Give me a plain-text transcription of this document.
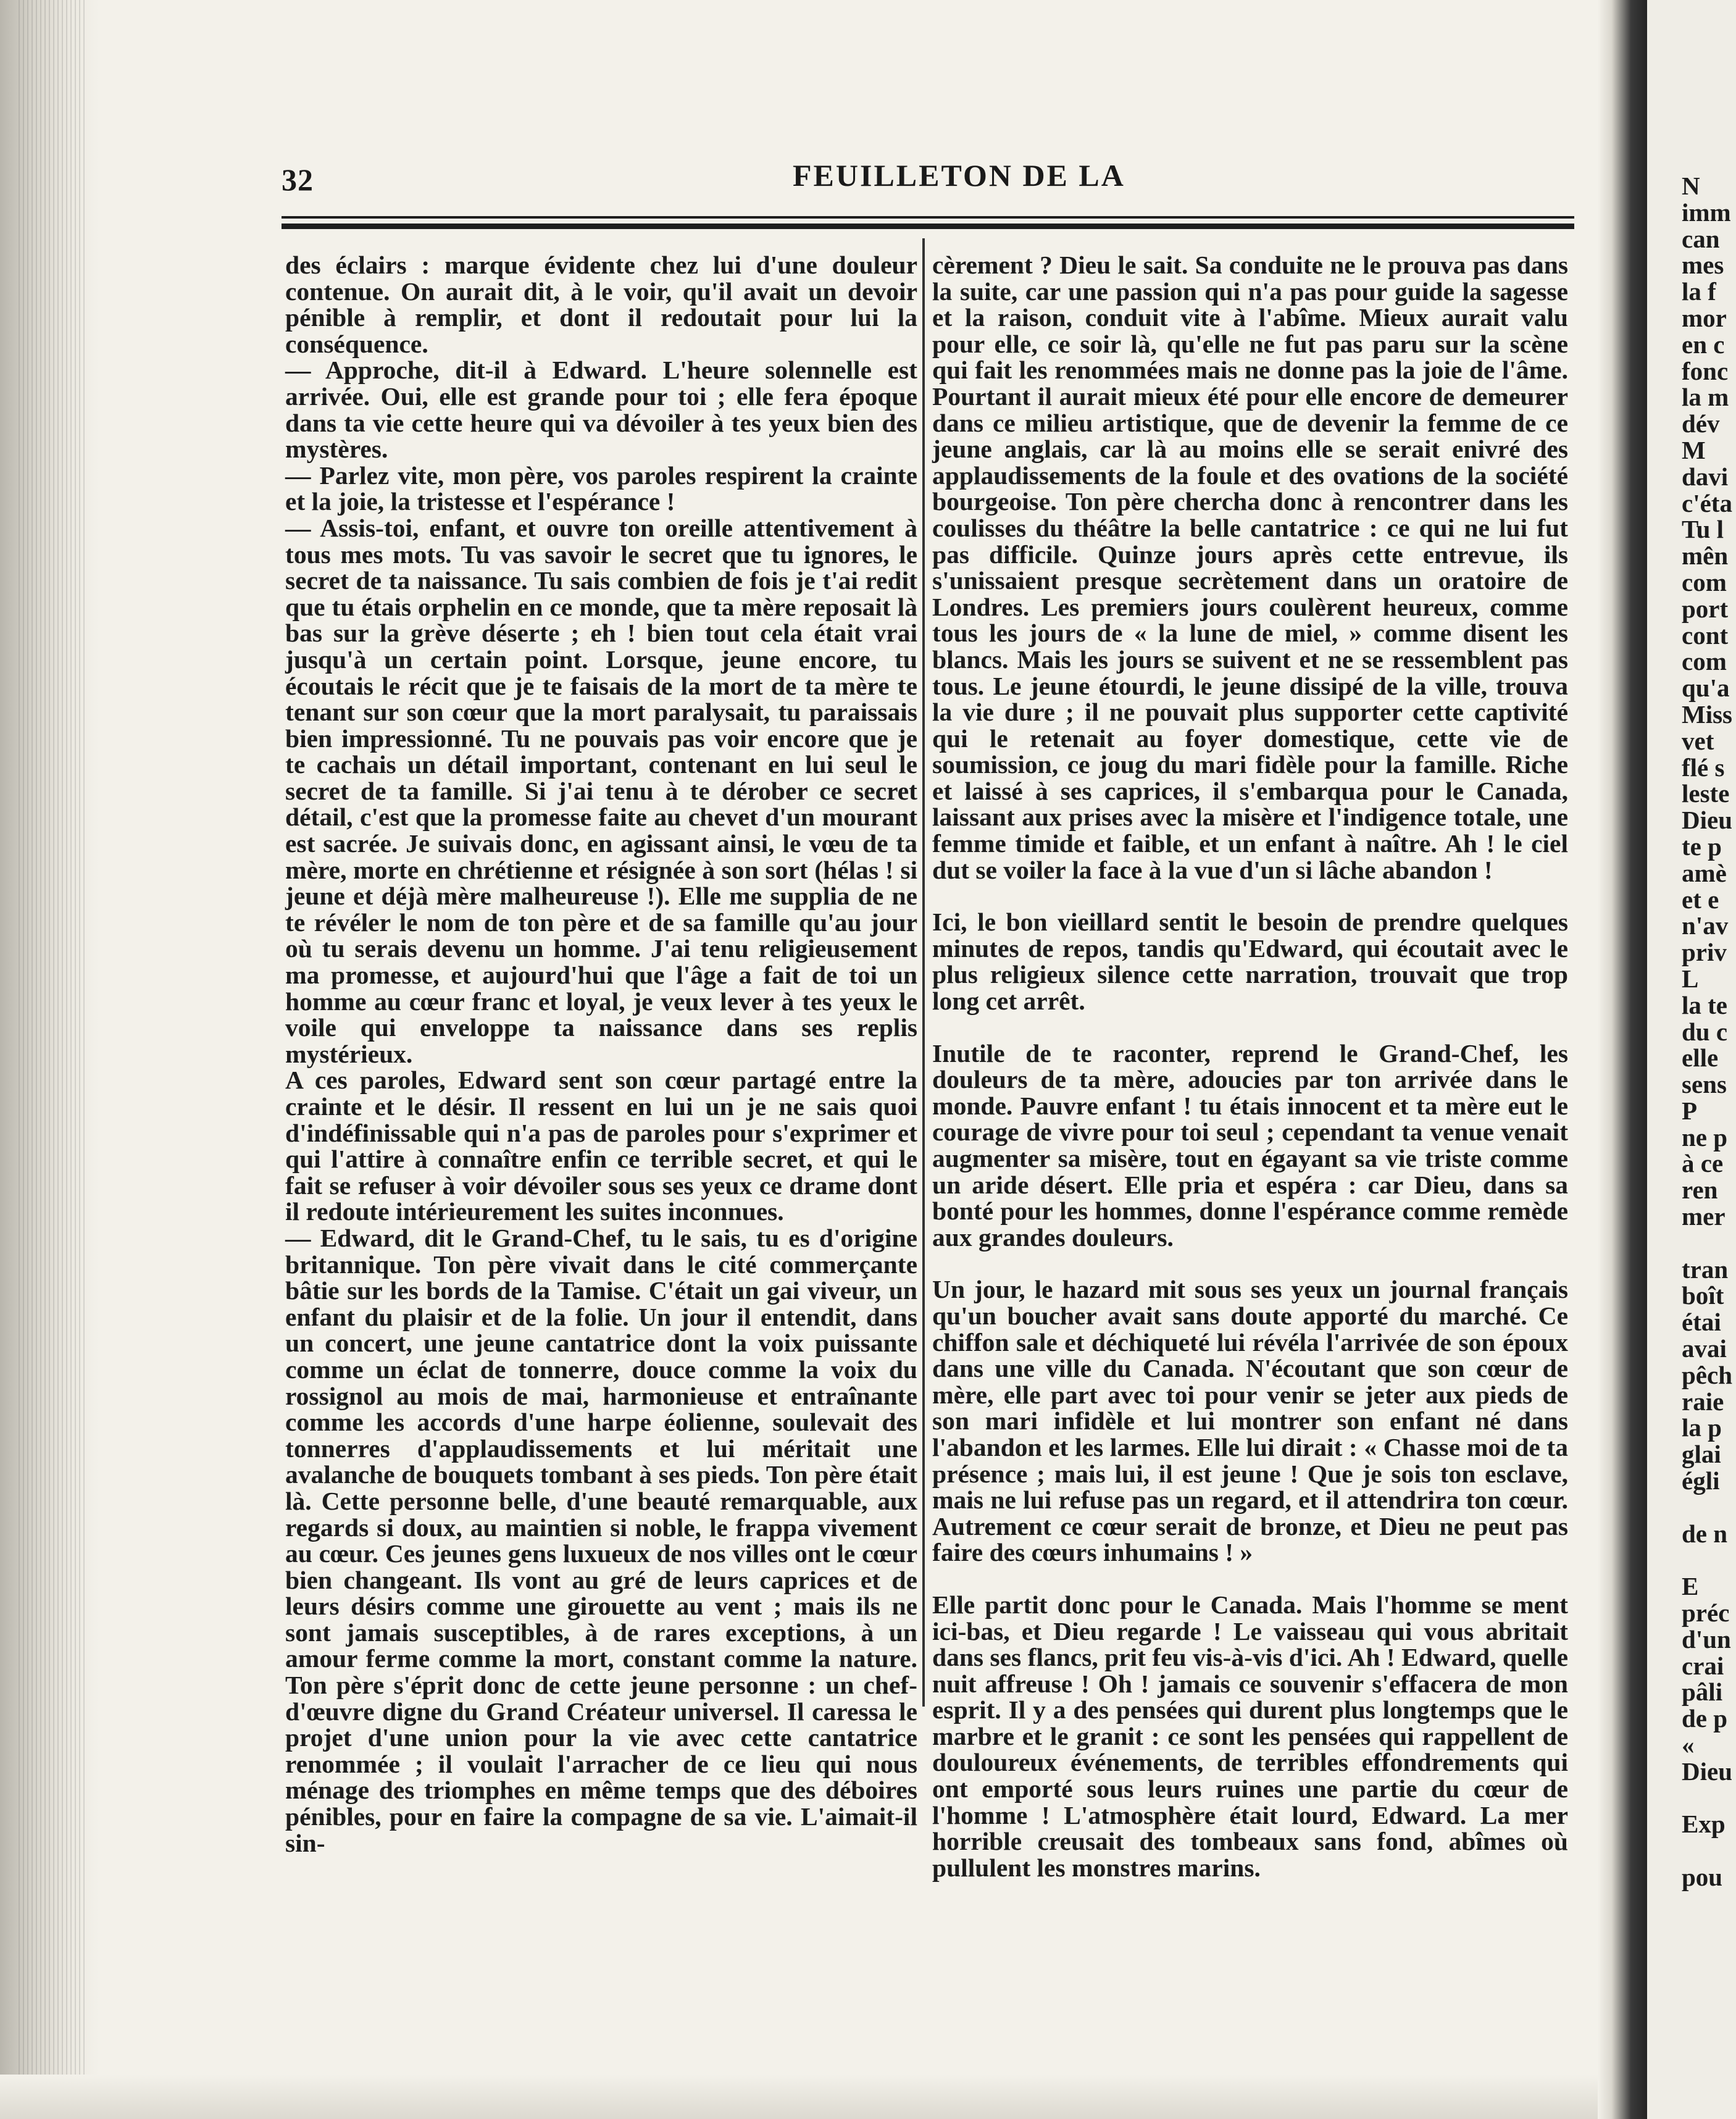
32	FEUILLETON DE LA

des éclairs : marque évidente chez lui d'une douleur contenue. On aurait dit, à le voir, qu'il avait un devoir pénible à remplir, et dont il redoutait pour lui la conséquence.

— Approche, dit-il à Edward. L'heure solennelle est arrivée. Oui, elle est grande pour toi ; elle fera époque dans ta vie cette heure qui va dévoiler à tes yeux bien des mystères.

— Parlez vite, mon père, vos paroles respirent la crainte et la joie, la tristesse et l'espérance !

— Assis-toi, enfant, et ouvre ton oreille attentivement à tous mes mots. Tu vas savoir le secret que tu ignores, le secret de ta naissance. Tu sais combien de fois je t'ai redit que tu étais orphelin en ce monde, que ta mère reposait là bas sur la grève déserte ; eh ! bien tout cela était vrai jusqu'à un certain point. Lorsque, jeune encore, tu écoutais le récit que je te faisais de la mort de ta mère te tenant sur son cœur que la mort paralysait, tu paraissais bien impressionné. Tu ne pouvais pas voir encore que je te cachais un détail important, contenant en lui seul le secret de ta famille. Si j'ai tenu à te dérober ce secret détail, c'est que la promesse faite au chevet d'un mourant est sacrée. Je suivais donc, en agissant ainsi, le vœu de ta mère, morte en chrétienne et résignée à son sort (hélas ! si jeune et déjà mère malheureuse !). Elle me supplia de ne te révéler le nom de ton père et de sa famille qu'au jour où tu serais devenu un homme. J'ai tenu religieusement ma promesse, et aujourd'hui que l'âge a fait de toi un homme au cœur franc et loyal, je veux lever à tes yeux le voile qui enveloppe ta naissance dans ses replis mystérieux.

A ces paroles, Edward sent son cœur partagé entre la crainte et le désir. Il ressent en lui un je ne sais quoi d'indéfinissable qui n'a pas de paroles pour s'exprimer et qui l'attire à connaître enfin ce terrible secret, et qui le fait se refuser à voir dévoiler sous ses yeux ce drame dont il redoute intérieurement les suites inconnues.

— Edward, dit le Grand-Chef, tu le sais, tu es d'origine britannique. Ton père vivait dans le cité commerçante bâtie sur les bords de la Tamise. C'était un gai viveur, un enfant du plaisir et de la folie. Un jour il entendit, dans un concert, une jeune cantatrice dont la voix puissante comme un éclat de tonnerre, douce comme la voix du rossignol au mois de mai, harmonieuse et entraînante comme les accords d'une harpe éolienne, soulevait des tonnerres d'applaudissements et lui méritait une avalanche de bouquets tombant à ses pieds. Ton père était là. Cette personne belle, d'une beauté remarquable, aux regards si doux, au maintien si noble, le frappa vivement au cœur. Ces jeunes gens luxueux de nos villes ont le cœur bien changeant. Ils vont au gré de leurs caprices et de leurs désirs comme une girouette au vent ; mais ils ne sont jamais susceptibles, à de rares exceptions, à un amour ferme comme la mort, constant comme la nature. Ton père s'éprit donc de cette jeune personne : un chef-d'œuvre digne du Grand Créateur universel. Il caressa le projet d'une union pour la vie avec cette cantatrice renommée ; il voulait l'arracher de ce lieu qui nous ménage des triomphes en même temps que des déboires pénibles, pour en faire la compagne de sa vie. L'aimait-il sin-

cèrement ? Dieu le sait. Sa conduite ne le prouva pas dans la suite, car une passion qui n'a pas pour guide la sagesse et la raison, conduit vite à l'abîme. Mieux aurait valu pour elle, ce soir là, qu'elle ne fut pas paru sur la scène qui fait les renommées mais ne donne pas la joie de l'âme. Pourtant il aurait mieux été pour elle encore de demeurer dans ce milieu artistique, que de devenir la femme de ce jeune anglais, car là au moins elle se serait enivré des applaudissements de la foule et des ovations de la société bourgeoise. Ton père chercha donc à rencontrer dans les coulisses du théâtre la belle cantatrice : ce qui ne lui fut pas difficile. Quinze jours après cette entrevue, ils s'unissaient presque secrètement dans un oratoire de Londres. Les premiers jours coulèrent heureux, comme tous les jours de « la lune de miel, » comme disent les blancs. Mais les jours se suivent et ne se ressemblent pas tous. Le jeune étourdi, le jeune dissipé de la ville, trouva la vie dure ; il ne pouvait plus supporter cette captivité qui le retenait au foyer domestique, cette vie de soumission, ce joug du mari fidèle pour la famille. Riche et laissé à ses caprices, il s'embarqua pour le Canada, laissant aux prises avec la misère et l'indigence totale, une femme timide et faible, et un enfant à naître. Ah ! le ciel dut se voiler la face à la vue d'un si lâche abandon !

Ici, le bon vieillard sentit le besoin de prendre quelques minutes de repos, tandis qu'Edward, qui écoutait avec le plus religieux silence cette narration, trouvait que trop long cet arrêt.

Inutile de te raconter, reprend le Grand-Chef, les douleurs de ta mère, adoucies par ton arrivée dans le monde. Pauvre enfant ! tu étais innocent et ta mère eut le courage de vivre pour toi seul ; cependant ta venue venait augmenter sa misère, tout en égayant sa vie triste comme un aride désert. Elle pria et espéra : car Dieu, dans sa bonté pour les hommes, donne l'espérance comme remède aux grandes douleurs.

Un jour, le hazard mit sous ses yeux un journal français qu'un boucher avait sans doute apporté du marché. Ce chiffon sale et déchiqueté lui révéla l'arrivée de son époux dans une ville du Canada. N'écoutant que son cœur de mère, elle part avec toi pour venir se jeter aux pieds de son mari infidèle et lui montrer son enfant né dans l'abandon et les larmes. Elle lui dirait : « Chasse moi de ta présence ; mais lui, il est jeune ! Que je sois ton esclave, mais ne lui refuse pas un regard, et il attendrira ton cœur. Autrement ce cœur serait de bronze, et Dieu ne peut pas faire des cœurs inhumains ! »

Elle partit donc pour le Canada. Mais l'homme se ment ici-bas, et Dieu regarde ! Le vaisseau qui vous abritait dans ses flancs, prit feu vis-à-vis d'ici. Ah ! Edward, quelle nuit affreuse ! Oh ! jamais ce souvenir s'effacera de mon esprit. Il y a des pensées qui durent plus longtemps que le marbre et le granit : ce sont les pensées qui rappellent de douloureux événements, de terribles effondrements qui ont emporté sous leurs ruines une partie du cœur de l'homme ! L'atmosphère était lourd, Edward. La mer horrible creusait des tombeaux sans fond, abîmes où pullulent les monstres marins.

N
imm
can
mes
la f
mor
en c
fonc
la m
dév
M
davi
c'éta
Tu l
mên
com
port
cont
com
qu'a
Miss
vet
flé s
leste
Dieu
te p
amè
et e
n'av
priv
L
la te
du c
elle
sens
P
ne p
à ce
ren
mer
tran
boît
étai
avai
pêch
raie
la p
glai
égli
de n
E
préc
d'un
crai
pâli
de p
«
Dieu
Exp
pou
